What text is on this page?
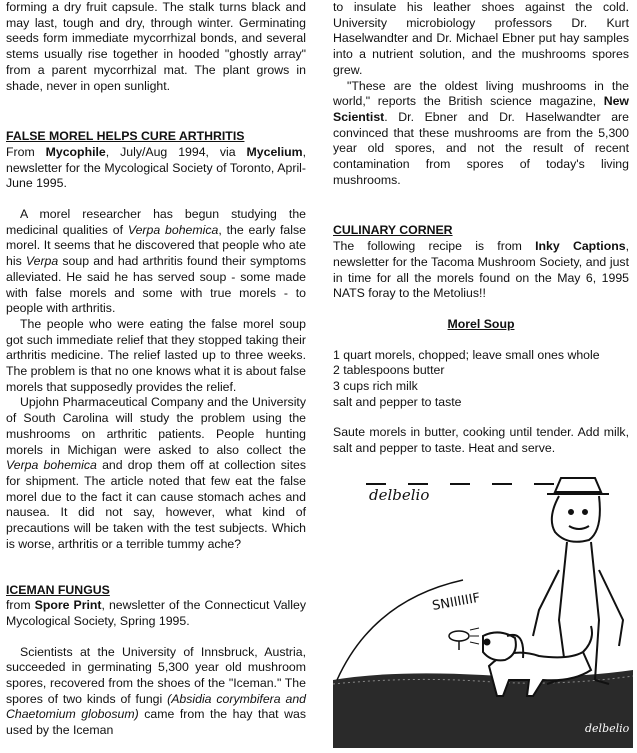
forming a dry fruit capsule. The stalk turns black and may last, tough and dry, through winter. Germinating seeds form immediate mycorrhizal bonds, and several stems usually rise together in hooded "ghostly array" from a parent mycorrhizal mat. The plant grows in shade, never in open sunlight.

FALSE MOREL HELPS CURE ARTHRITIS

From Mycophile, July/Aug 1994, via Mycelium, newsletter for the Mycological Society of Toronto, April-June 1995.

A morel researcher has begun studying the medicinal qualities of Verpa bohemica, the early false morel. It seems that he discovered that people who ate his Verpa soup and had arthritis found their symptoms alleviated. He said he has served soup - some made with false morels and some with true morels - to people with arthritis.

The people who were eating the false morel soup got such immediate relief that they stopped taking their arthritis medicine. The relief lasted up to three weeks. The problem is that no one knows what it is about false morels that supposedly provides the relief.

Upjohn Pharmaceutical Company and the University of South Carolina will study the problem using the mushrooms on arthritic patients. People hunting morels in Michigan were asked to also collect the Verpa bohemica and drop them off at collection sites for shipment. The article noted that few eat the false morel due to the fact it can cause stomach aches and nausea. It did not say, however, what kind of precautions will be taken with the test subjects. Which is worse, arthritis or a terrible tummy ache?

ICEMAN FUNGUS

from Spore Print, newsletter of the Connecticut Valley Mycological Society, Spring 1995.

Scientists at the University of Innsbruck, Austria, succeeded in germinating 5,300 year old mushroom spores, recovered from the shoes of the "Iceman." The spores of two kinds of fungi (Absidia corymbifera and Chaetomium globosum) came from the hay that was used by the Iceman

to insulate his leather shoes against the cold. University microbiology professors Dr. Kurt Haselwandter and Dr. Michael Ebner put hay samples into a nutrient solution, and the mushrooms spores grew.

"These are the oldest living mushrooms in the world," reports the British science magazine, New Scientist. Dr. Ebner and Dr. Haselwandter are convinced that these mushrooms are from the 5,300 year old spores, and not the result of recent contamination from spores of today's living mushrooms.

CULINARY CORNER

The following recipe is from Inky Captions, newsletter for the Tacoma Mushroom Society, and just in time for all the morels found on the May 6, 1995 NATS foray to the Metolius!!

Morel Soup

1 quart morels, chopped; leave small ones whole

2 tablespoons butter

3 cups rich milk

salt and pepper to taste

Saute morels in butter, cooking until tender. Add milk, salt and pepper to taste. Heat and serve.

delbelio
SNIIIIIIF
delbelio
